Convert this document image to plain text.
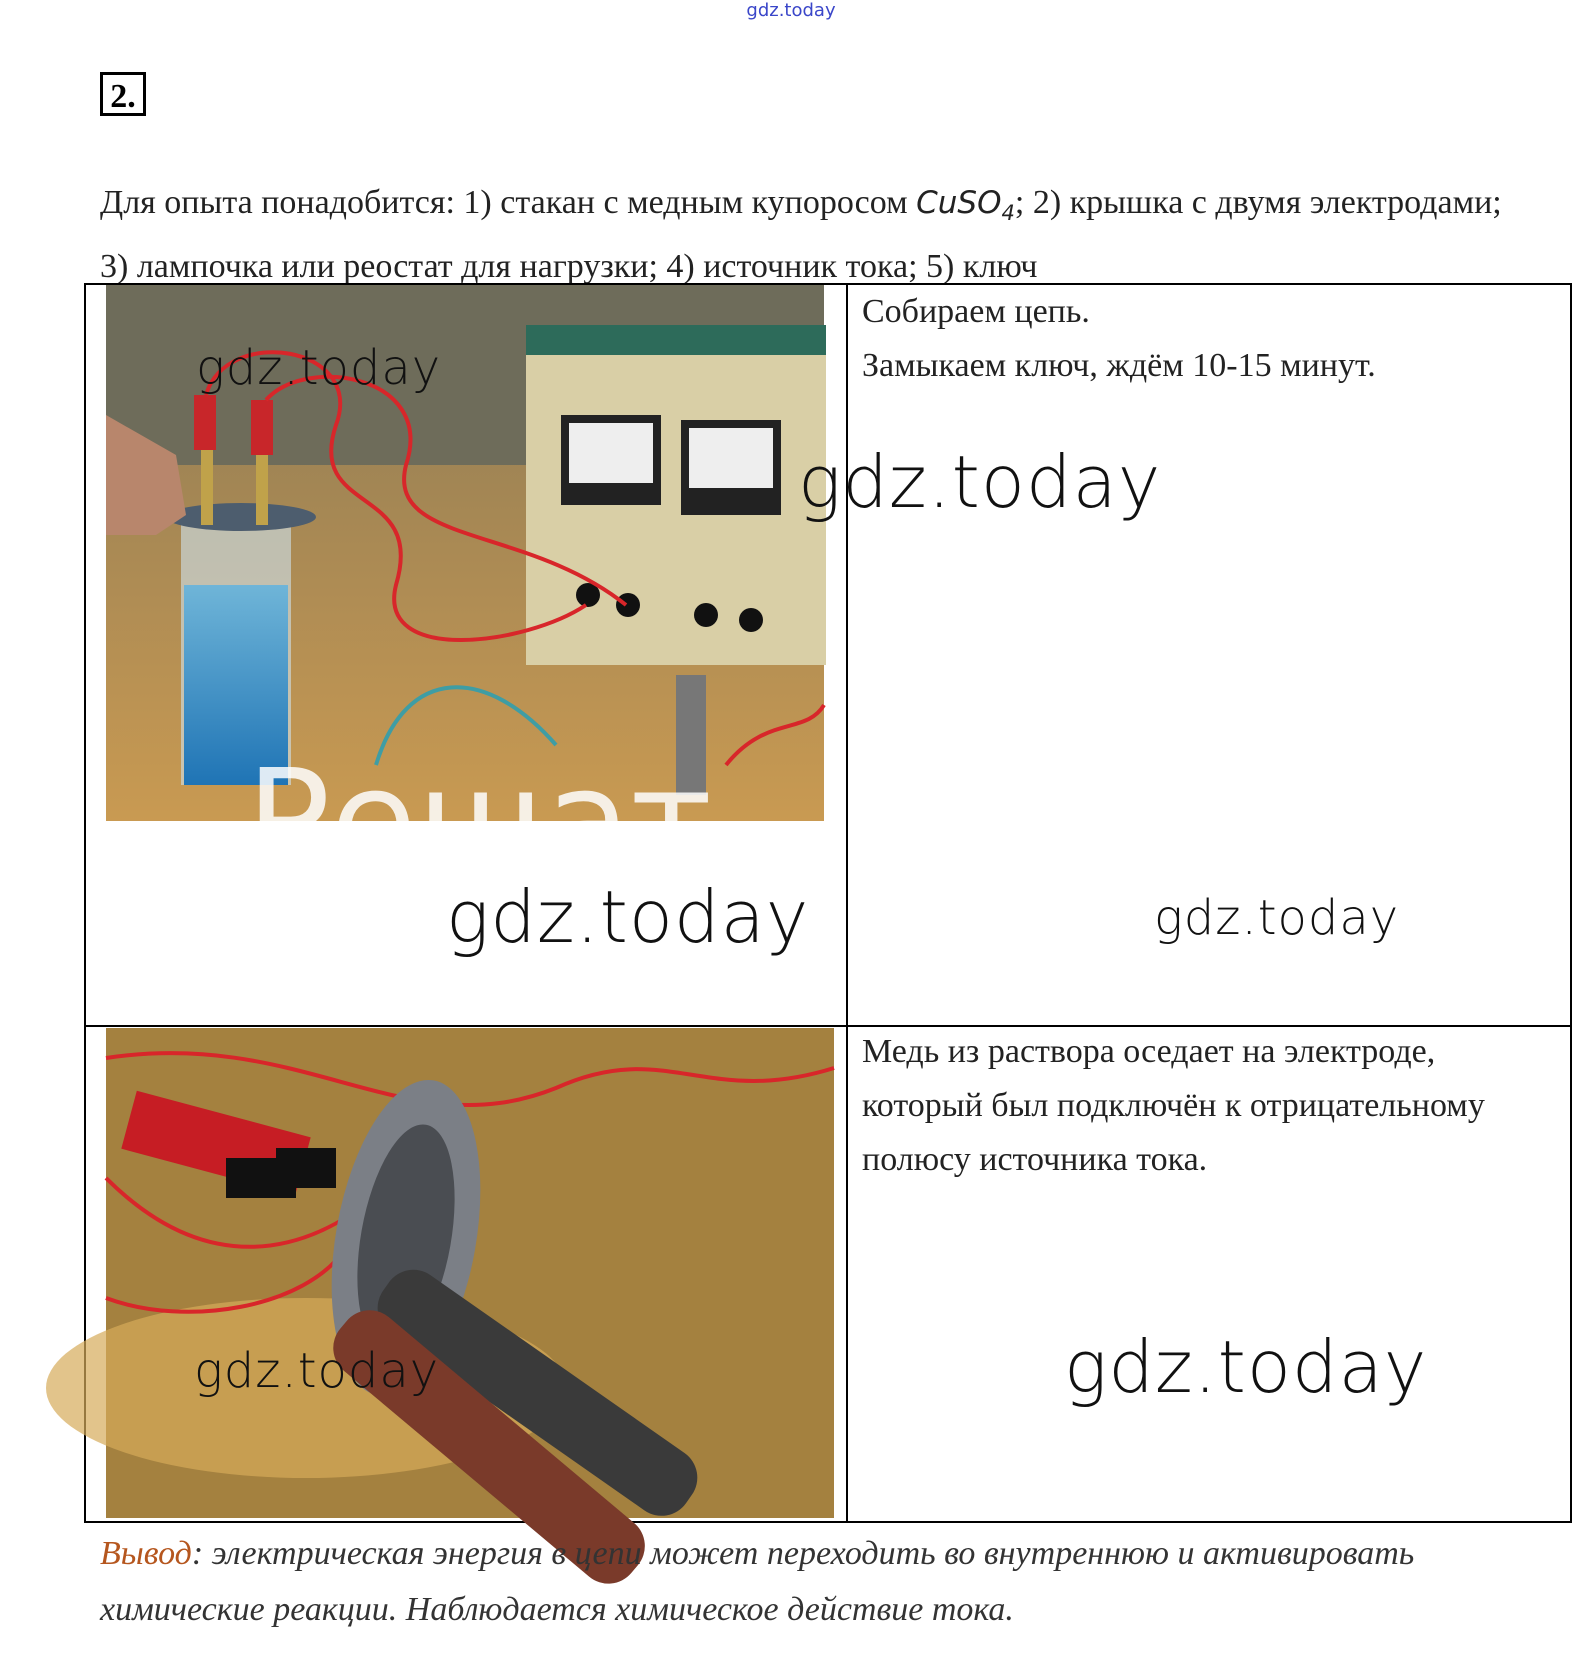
gdz.today
2.
Для опыта понадобится: 1) стакан с медным купоросом CuSO$_4$; 2) крышка с двумя электродами; 3) лампочка или реостат для нагрузки; 4) источник тока; 5) ключ
Решат
Собираем цепь.
Замыкаем ключ, ждём 10-15 минут.
Медь из раствора оседает на электроде, который был подключён к отрицательному полюсу источника тока.
gdz.today
gdz.today
gdz.today	gdz.today
gdz.today	gdz.today
Вывод: электрическая энергия в цепи может переходить во внутреннюю и активировать химические реакции. Наблюдается химическое действие тока.
